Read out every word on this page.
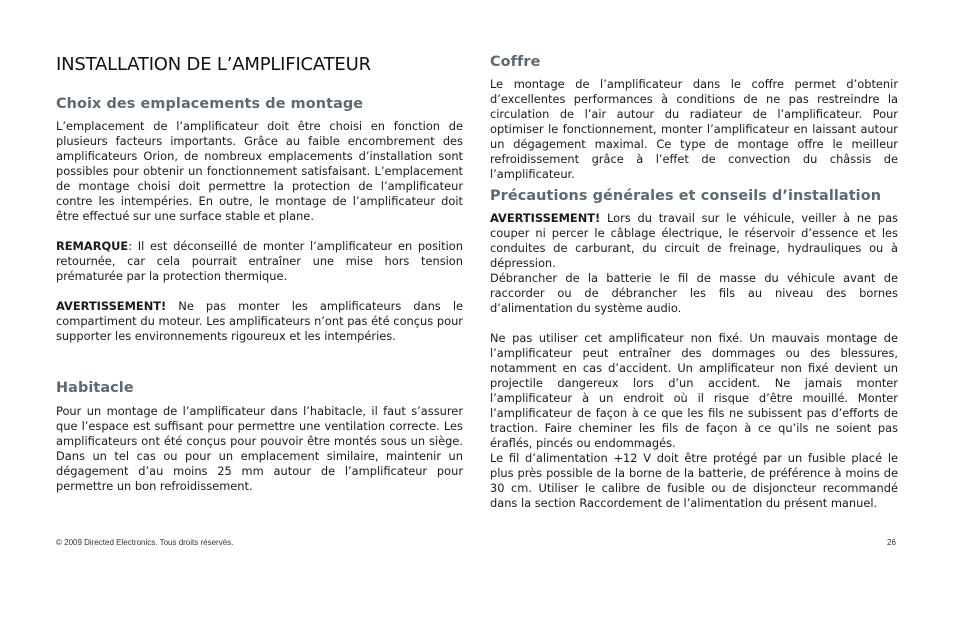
INSTALLATION DE L’AMPLIFICATEUR
Choix des emplacements de montage

L’emplacement de l’amplificateur doit être choisi en fonction de plusieurs facteurs importants. Grâce au faible encombrement des amplificateurs Orion, de nombreux emplacements d’installation sont possibles pour obtenir un fonctionnement satisfaisant. L’emplacement de montage choisi doit permettre la protection de l’amplificateur contre les intempéries. En outre, le montage de l’amplificateur doit être effectué sur une surface stable et plane.

REMARQUE: Il est déconseillé de monter l’amplificateur en position retournée, car cela pourrait entraîner une mise hors tension prématurée par la protection thermique.

AVERTISSEMENT! Ne pas monter les amplificateurs dans le compartiment du moteur. Les amplificateurs n’ont pas été conçus pour supporter les environnements rigoureux et les intempéries.

Habitacle

Pour un montage de l’amplificateur dans l’habitacle, il faut s’assurer que l’espace est suffisant pour permettre une ventilation correcte. Les amplificateurs ont été conçus pour pouvoir être montés sous un siège. Dans un tel cas ou pour un emplacement similaire, maintenir un dégagement d’au moins 25 mm autour de l’amplificateur pour permettre un bon refroidissement.

Coffre

Le montage de l’amplificateur dans le coffre permet d’obtenir d’excellentes performances à conditions de ne pas restreindre la circulation de l’air autour du radiateur de l’amplificateur. Pour optimiser le fonctionnement, monter l’amplificateur en laissant autour un dégagement maximal. Ce type de montage offre le meilleur refroidissement grâce à l’effet de convection du châssis de l’amplificateur.

Précautions générales et conseils d’installation

AVERTISSEMENT! Lors du travail sur le véhicule, veiller à ne pas couper ni percer le câblage électrique, le réservoir d’essence et les conduites de carburant, du circuit de freinage, hydrauliques ou à dépression.

Débrancher de la batterie le fil de masse du véhicule avant de raccorder ou de débrancher les fils au niveau des bornes d’alimentation du système audio.

Ne pas utiliser cet amplificateur non fixé. Un mauvais montage de l’amplificateur peut entraîner des dommages ou des blessures, notamment en cas d’accident. Un amplificateur non fixé devient un projectile dangereux lors d’un accident. Ne jamais monter l’amplificateur à un endroit où il risque d’être mouillé. Monter l’amplificateur de façon à ce que les fils ne subissent pas d’efforts de traction. Faire cheminer les fils de façon à ce qu’ils ne soient pas éraflés, pincés ou endommagés.

Le fil d’alimentation +12 V doit être protégé par un fusible placé le plus près possible de la borne de la batterie, de préférence à moins de 30 cm. Utiliser le calibre de fusible ou de disjoncteur recommandé dans la section Raccordement de l’alimentation du présent manuel.

© 2009 Directed Electronics. Tous droits réservés.	26
